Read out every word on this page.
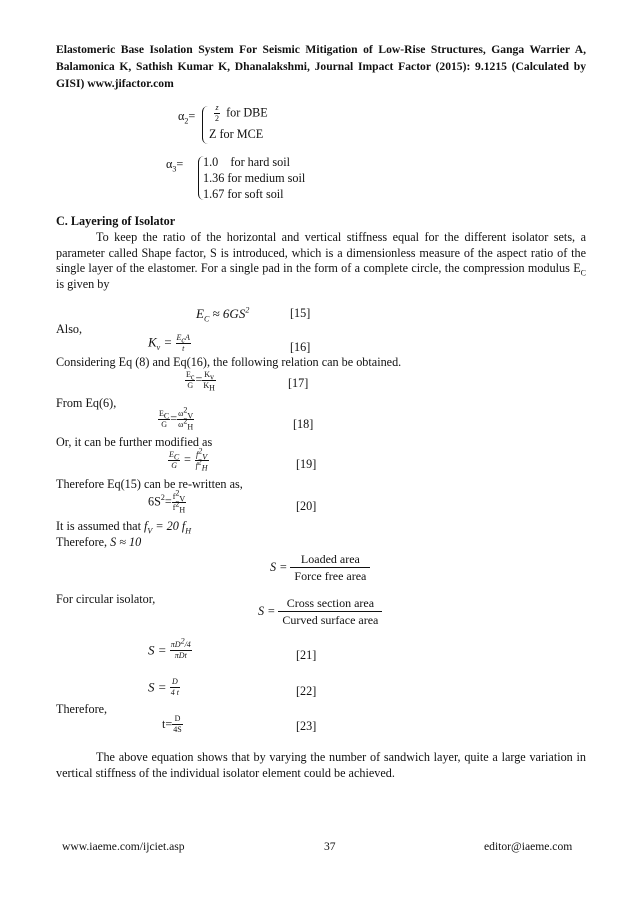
Elastomeric Base Isolation System For Seismic Mitigation of Low-Rise Structures, Ganga Warrier A, Balamonica K, Sathish Kumar K, Dhanalakshmi, Journal Impact Factor (2015): 9.1215 (Calculated by GISI) www.jifactor.com
$\alpha_2= \frac{z}{2}$ for DBE
Z for MCE
$\alpha_3= 1.0$    for hard soil
1.36 for medium soil
1.67 for soft soil
C. Layering of Isolator
To keep the ratio of the horizontal and vertical stiffness equal for the different isolator sets, a parameter called Shape factor, S is introduced, which is a dimensionless measure of the aspect ratio of the single layer of the elastomer. For a single pad in the form of a complete circle, the compression modulus $E_C$ is given by
$E_C \approx 6GS^2$	[15]
Also,
$K_v = \frac{E_cA}{t}$	[16]
Considering Eq (8) and Eq(16), the following relation can be obtained.
$\frac{E_c}{G} = \frac{K_v}{K_H}$	[17]
From Eq(6),
$\frac{E_C}{G} = \frac{\omega^2_V}{\omega^2_H}$	[18]
Or, it can be further modified as
$\frac{E_C}{G} = \frac{f^2_V}{f^2_H}$	[19]
Therefore Eq(15) can be re-written as,
$6S^2= \frac{f^2_V}{f^2_H}$	[20]
It is assumed that $f_V = 20$ $f_H$
Therefore, S ≈ 10
$S = \frac{\text{Loaded area}}{\text{Force free area}}$
For circular isolator,
$S = \frac{\text{Cross section area}}{\text{Curved surface area}}$
$S = \frac{\pi D^2/4}{\text{πDt}}$	[21]
$S = \frac{D}{4 t}$	[22]
Therefore,
$t= \frac{D}{4S}$	[23]
The above equation shows that by varying the number of sandwich layer, quite a large variation in vertical stiffness of the individual isolator element could be achieved.
www.iaeme.com/ijciet.asp	37	editor@iaeme.com
